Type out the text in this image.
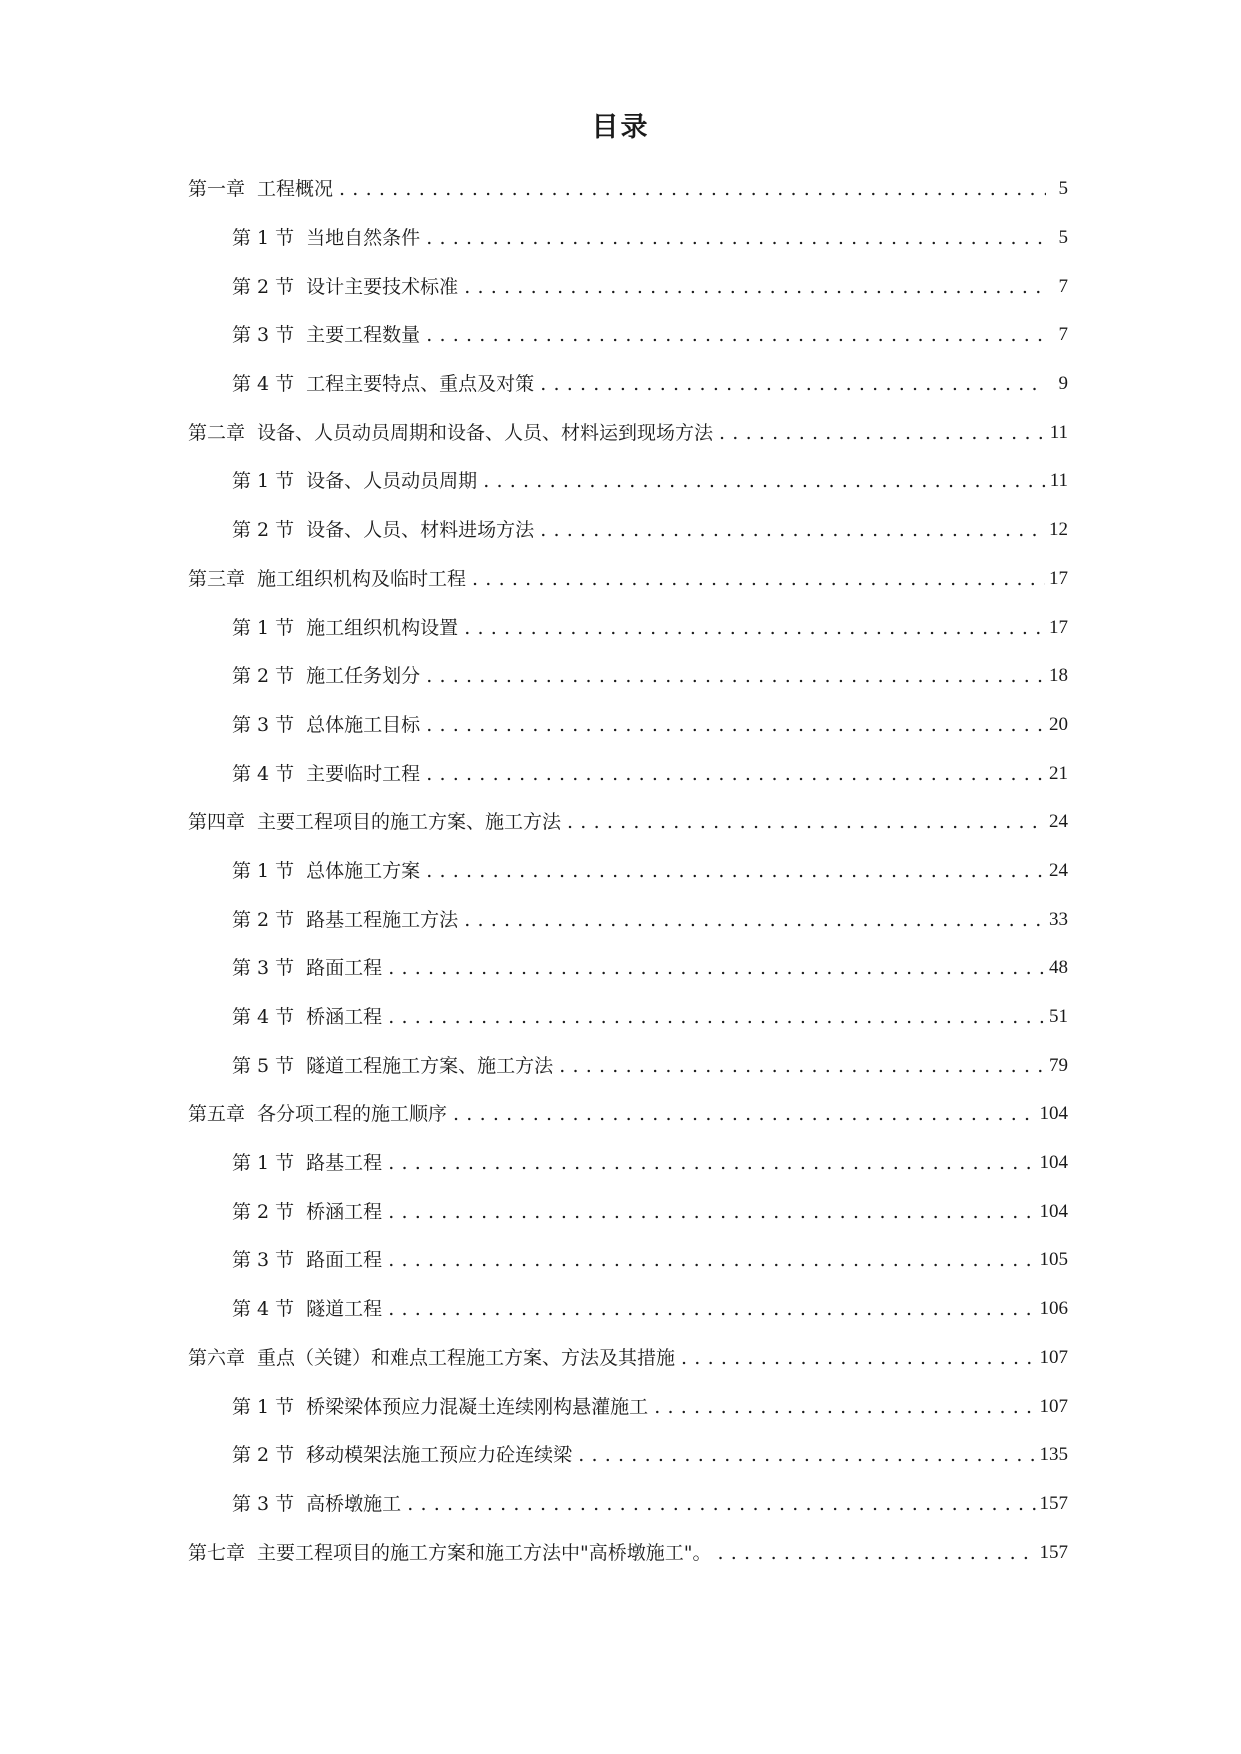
目录
第一章 工程概况 . . .	5
第 1 节 当地自然条件 . . .	5
第 2 节 设计主要技术标准 . . .	7
第 3 节 主要工程数量 . . .	7
第 4 节 工程主要特点、重点及对策 . . .	9
第二章 设备、人员动员周期和设备、人员、材料运到现场方法 . . .	11
第 1 节 设备、人员动员周期 . . .	11
第 2 节 设备、人员、材料进场方法 . . .	12
第三章 施工组织机构及临时工程 . . .	17
第 1 节 施工组织机构设置 . . .	17
第 2 节 施工任务划分 . . .	18
第 3 节 总体施工目标 . . .	20
第 4 节 主要临时工程 . . .	21
第四章 主要工程项目的施工方案、施工方法 . . .	24
第 1 节 总体施工方案 . . .	24
第 2 节 路基工程施工方法 . . .	33
第 3 节 路面工程 . . .	48
第 4 节 桥涵工程 . . .	51
第 5 节 隧道工程施工方案、施工方法 . . .	79
第五章 各分项工程的施工顺序 . . .	104
第 1 节 路基工程 . . .	104
第 2 节 桥涵工程 . . .	104
第 3 节 路面工程 . . .	105
第 4 节 隧道工程 . . .	106
第六章 重点（关键）和难点工程施工方案、方法及其措施 . . .	107
第 1 节 桥梁梁体预应力混凝土连续刚构悬灌施工 . . .	107
第 2 节 移动模架法施工预应力砼连续梁 . . .	135
第 3 节 高桥墩施工 . . .	157
第七章 主要工程项目的施工方案和施工方法中"高桥墩施工"。 . . .	157
